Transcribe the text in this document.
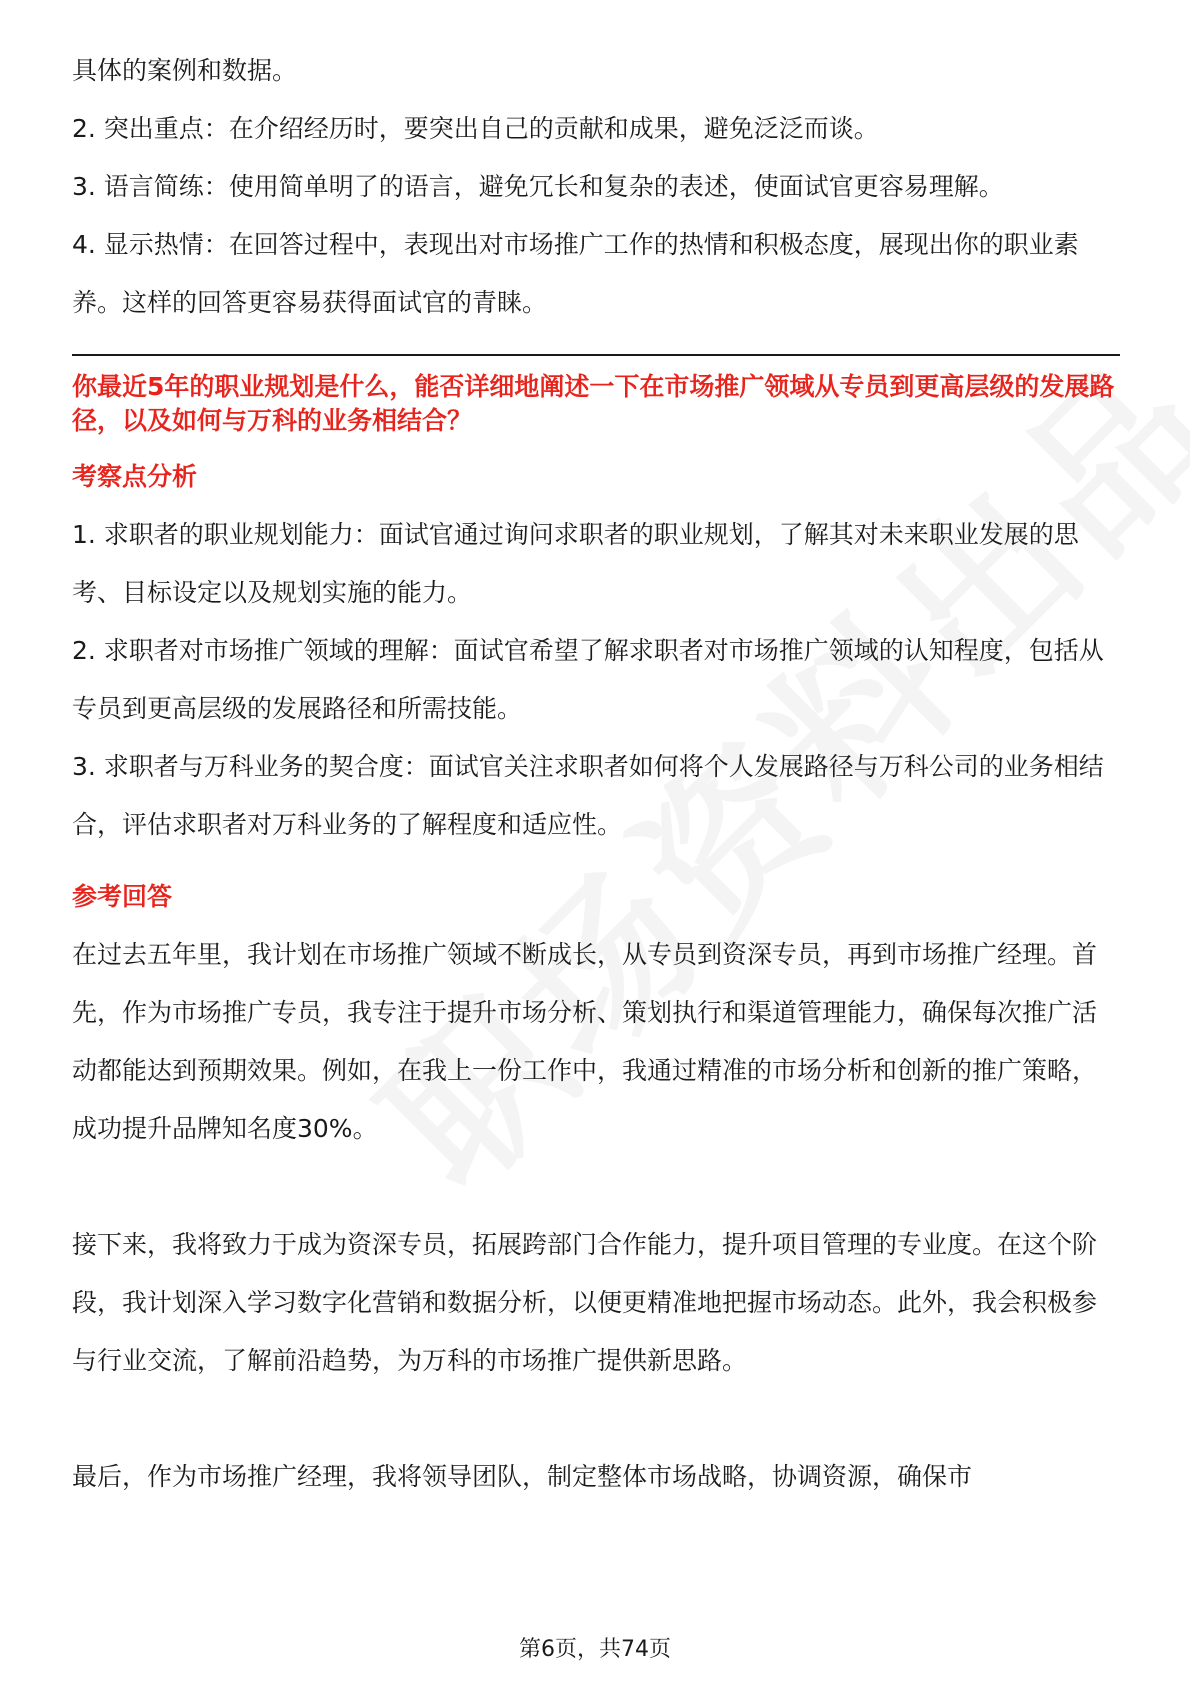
具体的案例和数据。

2. 突出重点：在介绍经历时，要突出自己的贡献和成果，避免泛泛而谈。

3. 语言简练：使用简单明了的语言，避免冗长和复杂的表述，使面试官更容易理解。

4. 显示热情：在回答过程中，表现出对市场推广工作的热情和积极态度，展现出你的职业素养。这样的回答更容易获得面试官的青睐。

你最近5年的职业规划是什么，能否详细地阐述一下在市场推广领域从专员到更高层级的发展路径，以及如何与万科的业务相结合？
考察点分析

1. 求职者的职业规划能力：面试官通过询问求职者的职业规划，了解其对未来职业发展的思考、目标设定以及规划实施的能力。

2. 求职者对市场推广领域的理解：面试官希望了解求职者对市场推广领域的认知程度，包括从专员到更高层级的发展路径和所需技能。

3. 求职者与万科业务的契合度：面试官关注求职者如何将个人发展路径与万科公司的业务相结合，评估求职者对万科业务的了解程度和适应性。

参考回答

在过去五年里，我计划在市场推广领域不断成长，从专员到资深专员，再到市场推广经理。首先，作为市场推广专员，我专注于提升市场分析、策划执行和渠道管理能力，确保每次推广活动都能达到预期效果。例如，在我上一份工作中，我通过精准的市场分析和创新的推广策略，成功提升品牌知名度30%。

接下来，我将致力于成为资深专员，拓展跨部门合作能力，提升项目管理的专业度。在这个阶段，我计划深入学习数字化营销和数据分析，以便更精准地把握市场动态。此外，我会积极参与行业交流，了解前沿趋势，为万科的市场推广提供新思路。

最后，作为市场推广经理，我将领导团队，制定整体市场战略，协调资源，确保市

第6页，共74页
